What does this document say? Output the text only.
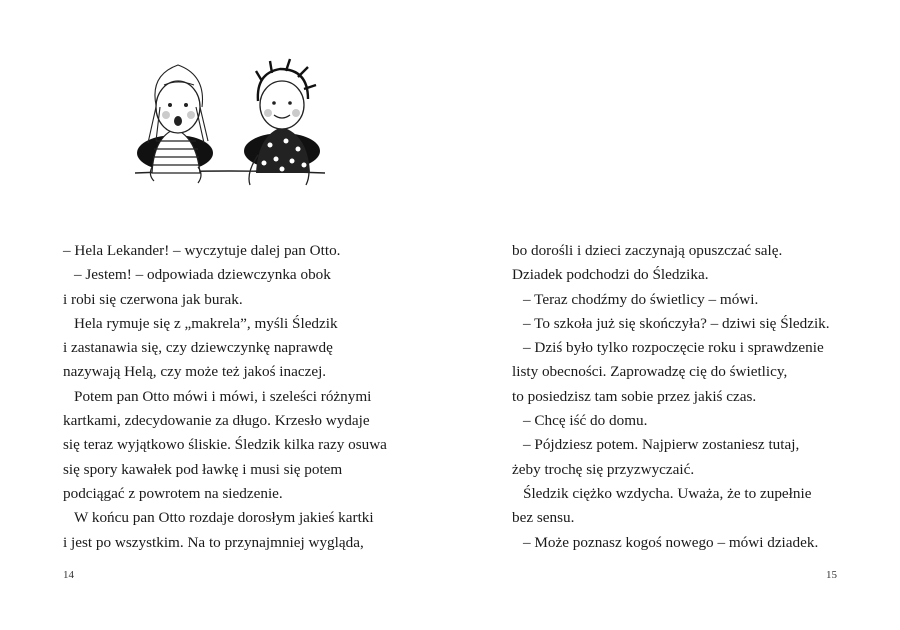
– Hela Lekander! – wyczytuje dalej pan Otto.
– Jestem! – odpowiada dziewczynka obok
i robi się czerwona jak burak.
Hela rymuje się z „makrela”, myśli Śledzik
i zastanawia się, czy dziewczynkę naprawdę
nazywają Helą, czy może też jakoś inaczej.
Potem pan Otto mówi i mówi, i szeleści różnymi
kartkami, zdecydowanie za długo. Krzesło wydaje
się teraz wyjątkowo śliskie. Śledzik kilka razy osuwa
się spory kawałek pod ławkę i musi się potem
podciągać z powrotem na siedzenie.
W końcu pan Otto rozdaje dorosłym jakieś kartki
i jest po wszystkim. Na to przynajmniej wygląda,
14
bo dorośli i dzieci zaczynają opuszczać salę.
Dziadek podchodzi do Śledzika.
– Teraz chodźmy do świetlicy – mówi.
– To szkoła już się skończyła? – dziwi się Śledzik.
– Dziś było tylko rozpoczęcie roku i sprawdzenie
listy obecności. Zaprowadzę cię do świetlicy,
to posiedzisz tam sobie przez jakiś czas.
– Chcę iść do domu.
– Pójdziesz potem. Najpierw zostaniesz tutaj,
żeby trochę się przyzwyczaić.
Śledzik ciężko wzdycha. Uważa, że to zupełnie
bez sensu.
– Może poznasz kogoś nowego – mówi dziadek.
15
